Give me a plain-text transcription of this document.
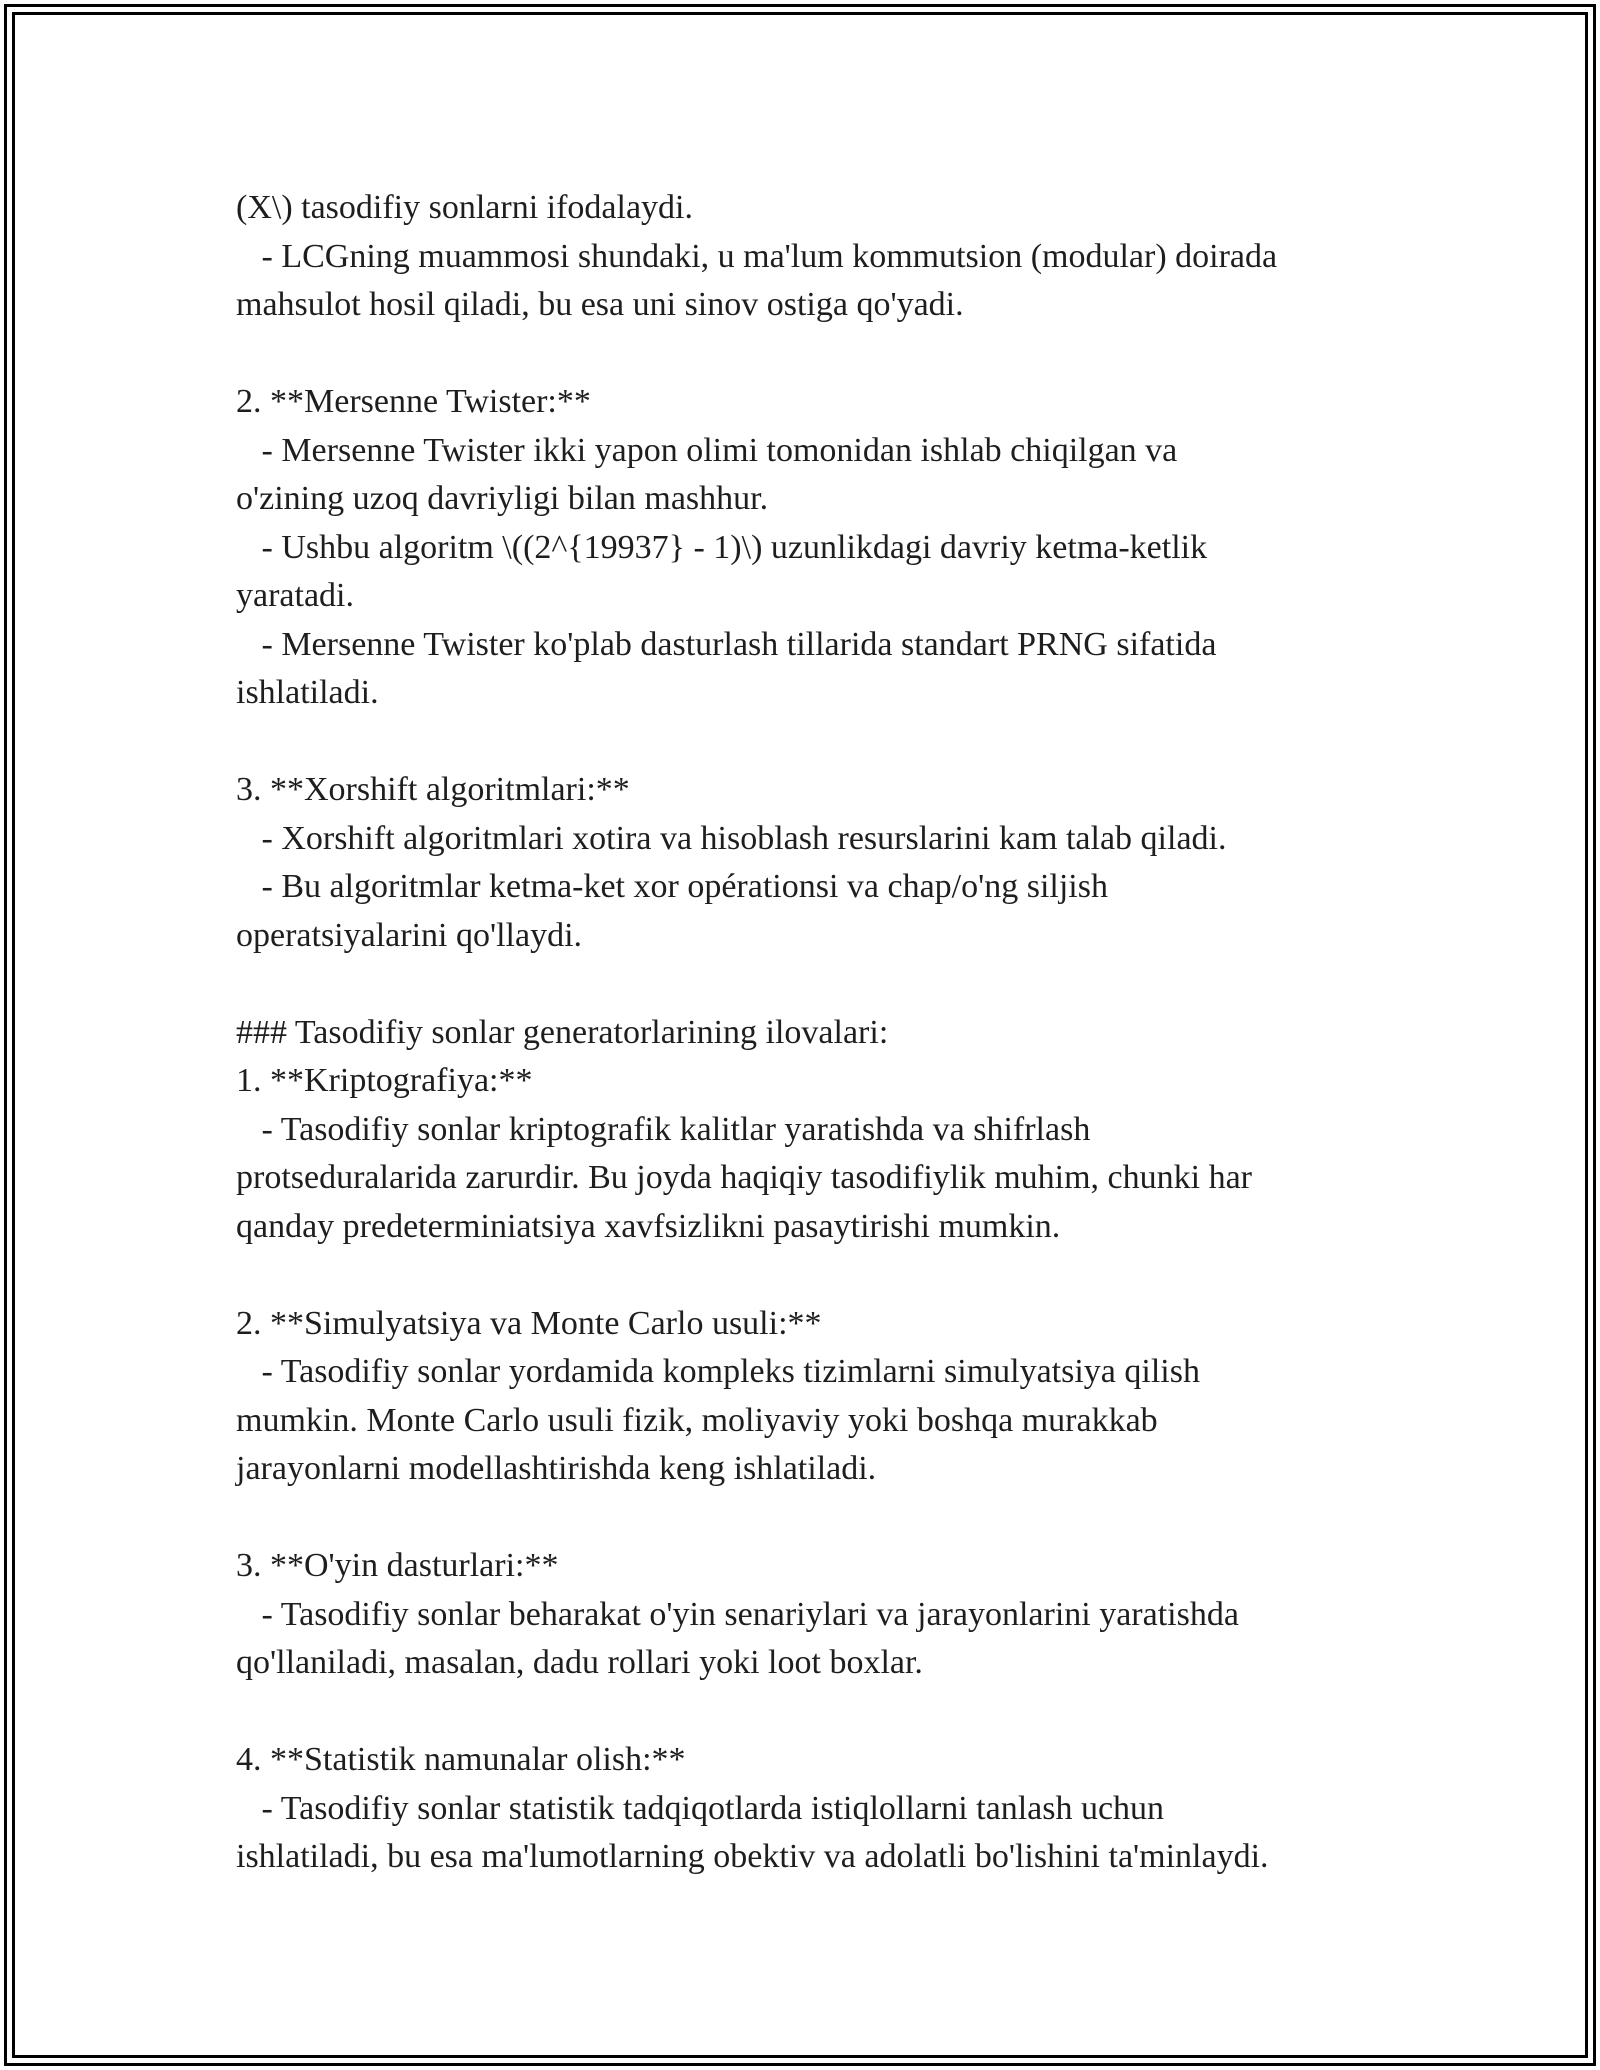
(X\) tasodifiy sonlarni ifodalaydi.
- LCGning muammosi shundaki, u ma'lum kommutsion (modular) doirada
mahsulot hosil qiladi, bu esa uni sinov ostiga qo'yadi.
2. **Mersenne Twister:**
- Mersenne Twister ikki yapon olimi tomonidan ishlab chiqilgan va
o'zining uzoq davriyligi bilan mashhur.
- Ushbu algoritm \((2^{19937} - 1)\) uzunlikdagi davriy ketma-ketlik
yaratadi.
- Mersenne Twister ko'plab dasturlash tillarida standart PRNG sifatida
ishlatiladi.
3. **Xorshift algoritmlari:**
- Xorshift algoritmlari xotira va hisoblash resurslarini kam talab qiladi.
- Bu algoritmlar ketma-ket xor opérationsi va chap/o'ng siljish
operatsiyalarini qo'llaydi.
### Tasodifiy sonlar generatorlarining ilovalari:
1. **Kriptografiya:**
- Tasodifiy sonlar kriptografik kalitlar yaratishda va shifrlash
protseduralarida zarurdir. Bu joyda haqiqiy tasodifiylik muhim, chunki har
qanday predeterminiatsiya xavfsizlikni pasaytirishi mumkin.
2. **Simulyatsiya va Monte Carlo usuli:**
- Tasodifiy sonlar yordamida kompleks tizimlarni simulyatsiya qilish
mumkin. Monte Carlo usuli fizik, moliyaviy yoki boshqa murakkab
jarayonlarni modellashtirishda keng ishlatiladi.
3. **O'yin dasturlari:**
- Tasodifiy sonlar beharakat o'yin senariylari va jarayonlarini yaratishda
qo'llaniladi, masalan, dadu rollari yoki loot boxlar.
4. **Statistik namunalar olish:**
- Tasodifiy sonlar statistik tadqiqotlarda istiqlollarni tanlash uchun
ishlatiladi, bu esa ma'lumotlarning obektiv va adolatli bo'lishini ta'minlaydi.
